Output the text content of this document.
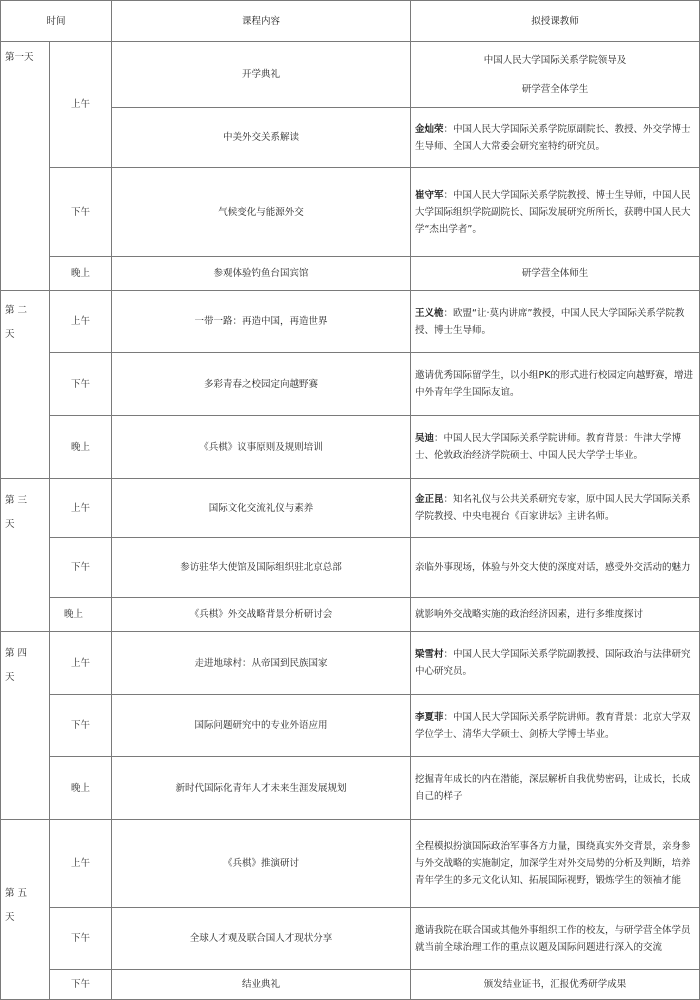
时间		课程内容	拟授课教师
第一天	上午	开学典礼	中国人民大学国际关系学院领导及
研学营全体学生

		中美外交关系解读	金灿荣：中国人民大学国际关系学院原副院长、教授、外交学博士生导师、全国人大常委会研究室特约研究员。
	下午	气候变化与能源外交	崔守军：中国人民大学国际关系学院教授、博士生导师，中国人民大学国际组织学院副院长、国际发展研究所所长，获聘中国人民大学“杰出学者”。
	晚上	参观体验钓鱼台国宾馆	研学营全体师生

第 二
天	上午	一带一路：再造中国，再造世界	王义桅：欧盟“让·莫内讲席”教授，中国人民大学国际关系学院教授、博士生导师。
	下午	多彩青春之校园定向越野赛	邀请优秀国际留学生，以小组PK的形式进行校园定向越野赛，增进中外青年学生国际友谊。
	晚上	《兵棋》议事原则及规则培训	吴迪：中国人民大学国际关系学院讲师。教育背景：牛津大学博士、伦敦政治经济学院硕士、中国人民大学学士毕业。

第 三
天	上午	国际文化交流礼仪与素养	金正昆：知名礼仪与公共关系研究专家，原中国人民大学国际关系学院教授、中央电视台《百家讲坛》主讲名师。
	下午	参访驻华大使馆及国际组织驻北京总部	亲临外事现场，体验与外交大使的深度对话，感受外交活动的魅力
	晚上	《兵棋》外交战略背景分析研讨会	就影响外交战略实施的政治经济因素，进行多维度探讨

第 四
天	上午	走进地球村：从帝国到民族国家	梁雪村：中国人民大学国际关系学院副教授、国际政治与法律研究中心研究员。
	下午	国际问题研究中的专业外语应用	李夏菲：中国人民大学国际关系学院讲师。教育背景：北京大学双学位学士、清华大学硕士、剑桥大学博士毕业。
	晚上	新时代国际化青年人才未来生涯发展规划	挖掘青年成长的内在潜能，深层解析自我优势密码，让成长，长成自己的样子

第 五
天	上午	《兵棋》推演研讨	全程模拟扮演国际政治军事各方力量，围绕真实外交背景，亲身参与外交战略的实施制定，加深学生对外交局势的分析及判断，培养青年学生的多元文化认知、拓展国际视野，锻炼学生的领袖才能
	下午	全球人才观及联合国人才现状分享	邀请我院在联合国或其他外事组织工作的校友，与研学营全体学员就当前全球治理工作的重点议题及国际问题进行深入的交流
	下午	结业典礼	颁发结业证书，汇报优秀研学成果
